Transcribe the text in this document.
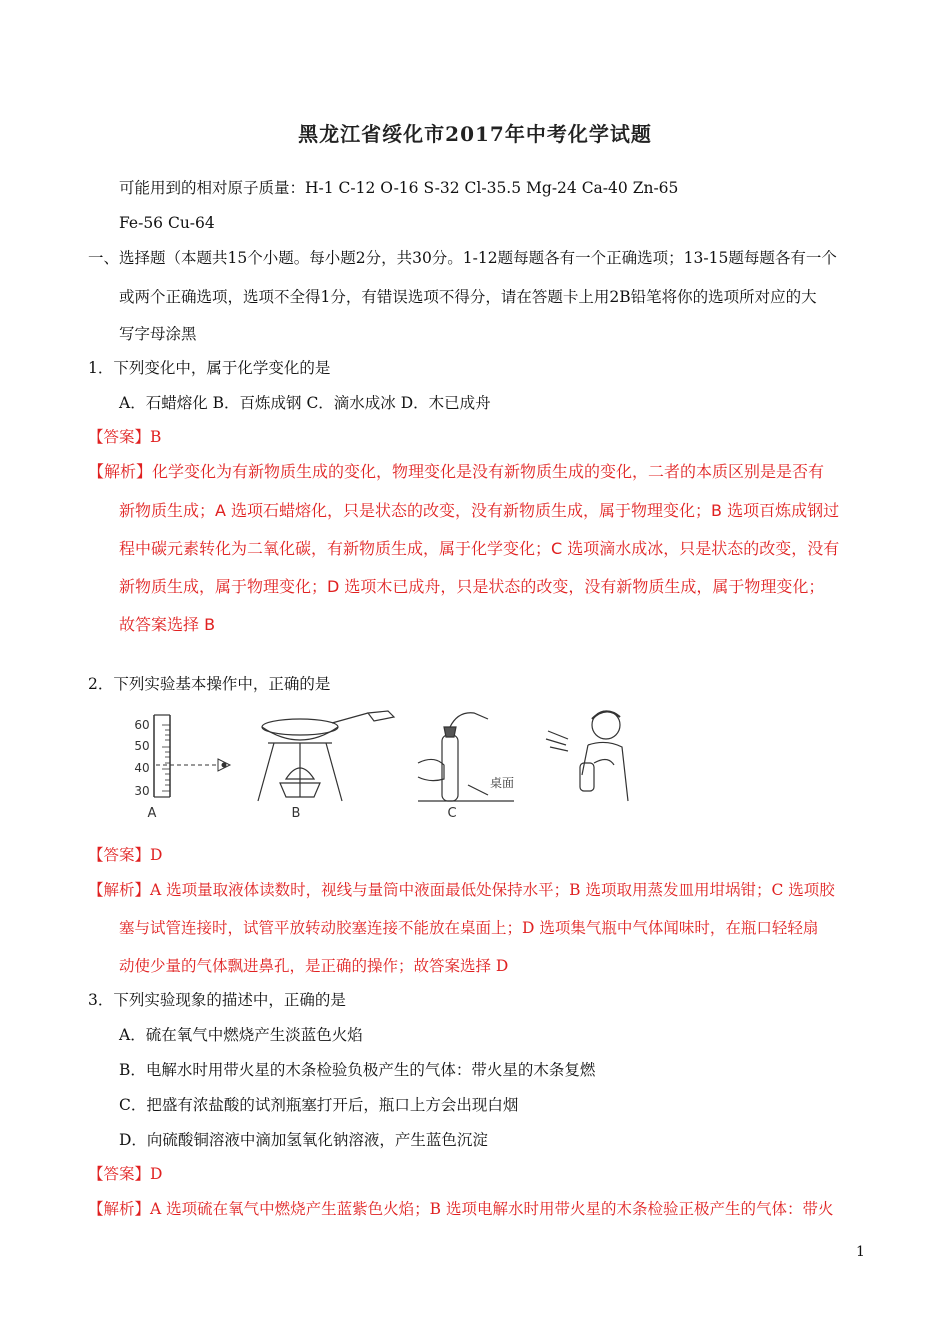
黑龙江省绥化市2017年中考化学试题
可能用到的相对原子质量：H-1 C-12 O-16 S-32 Cl-35.5 Mg-24 Ca-40 Zn-65
Fe-56 Cu-64
一、选择题（本题共15个小题。每小题2分，共30分。1-12题每题各有一个正确选项；13-15题每题各有一个
或两个正确选项，选项不全得1分，有错误选项不得分，请在答题卡上用2B铅笔将你的选项所对应的大
写字母涂黑
1．下列变化中，属于化学变化的是
A．石蜡熔化 B．百炼成钢 C．滴水成冰 D．木已成舟
【答案】B
【解析】化学变化为有新物质生成的变化，物理变化是没有新物质生成的变化，二者的本质区别是是否有
新物质生成；A 选项石蜡熔化，只是状态的改变，没有新物质生成，属于物理变化；B 选项百炼成钢过
程中碳元素转化为二氧化碳，有新物质生成，属于化学变化；C 选项滴水成冰，只是状态的改变，没有
新物质生成，属于物理变化；D 选项木已成舟，只是状态的改变，没有新物质生成，属于物理变化；
故答案选择 B
2．下列实验基本操作中，正确的是
60
50
40
30
A	B
桌面
C
【答案】D
【解析】A 选项量取液体读数时，视线与量筒中液面最低处保持水平；B 选项取用蒸发皿用坩埚钳；C 选项胶
塞与试管连接时，试管平放转动胶塞连接不能放在桌面上；D 选项集气瓶中气体闻味时，在瓶口轻轻扇
动使少量的气体飘进鼻孔，是正确的操作；故答案选择 D
3．下列实验现象的描述中，正确的是
A．硫在氧气中燃烧产生淡蓝色火焰
B．电解水时用带火星的木条检验负极产生的气体：带火星的木条复燃
C．把盛有浓盐酸的试剂瓶塞打开后，瓶口上方会出现白烟
D．向硫酸铜溶液中滴加氢氧化钠溶液，产生蓝色沉淀
【答案】D
【解析】A 选项硫在氧气中燃烧产生蓝紫色火焰；B 选项电解水时用带火星的木条检验正极产生的气体：带火
1
